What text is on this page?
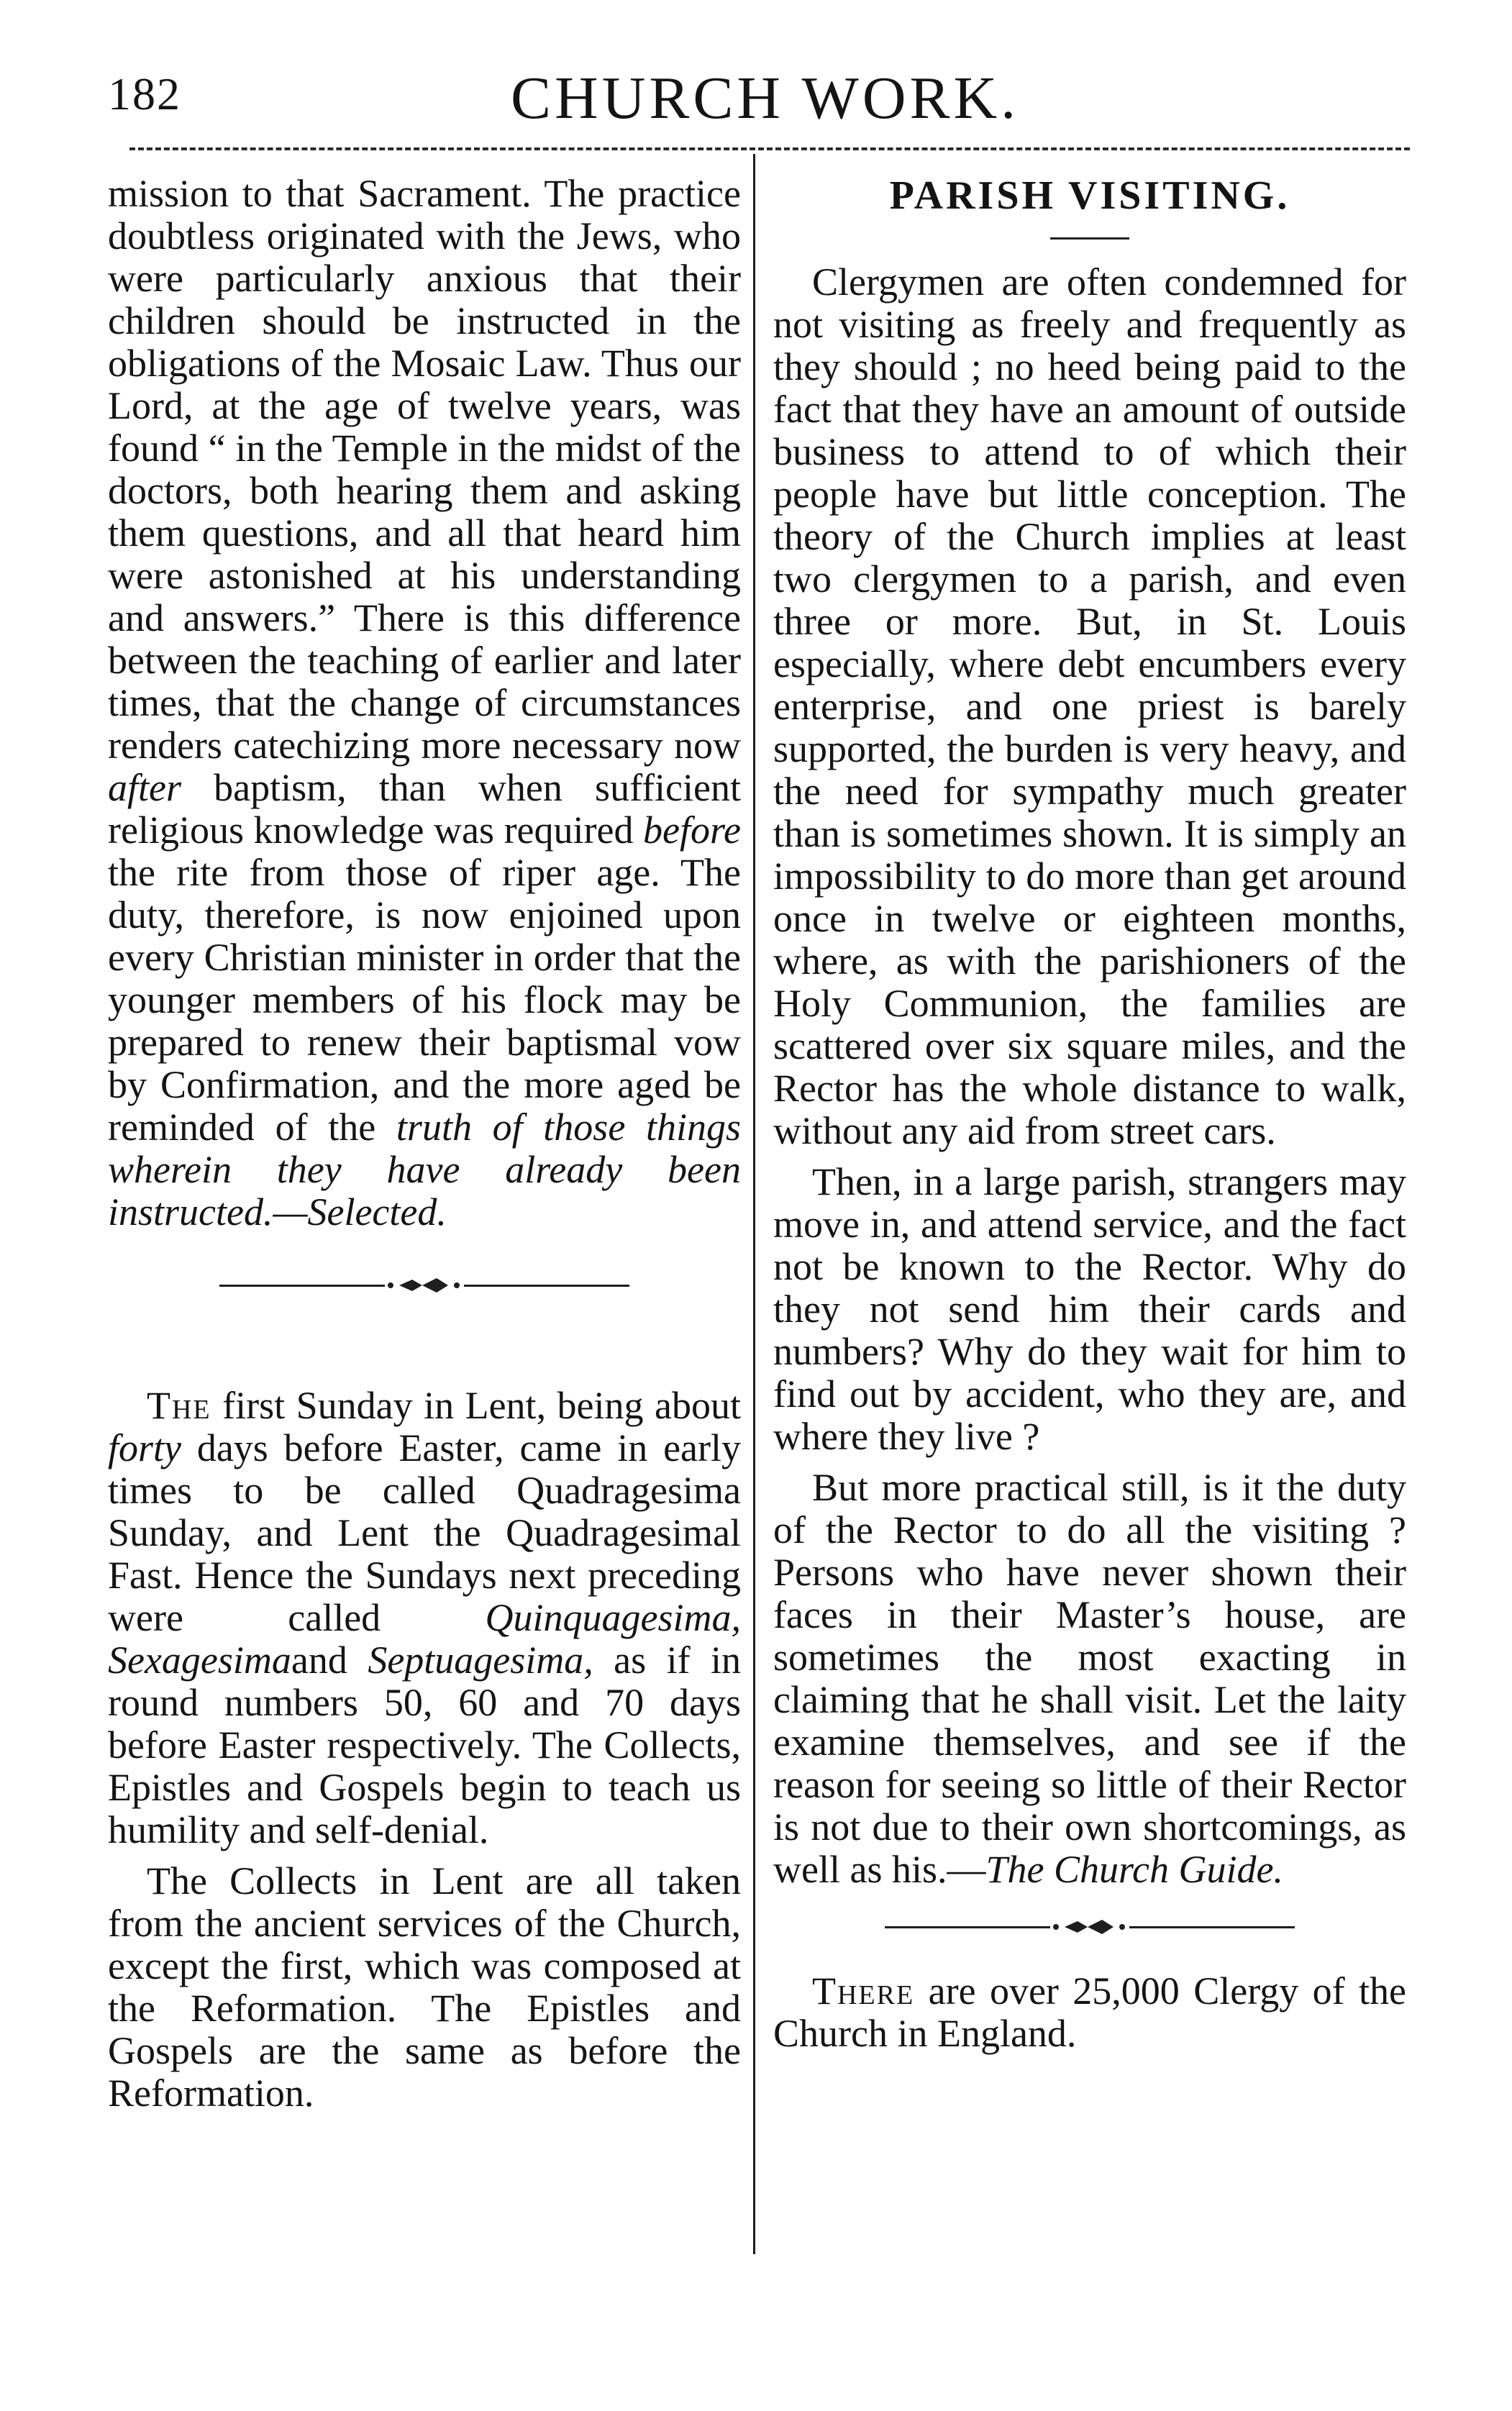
182	CHURCH WORK.

mission to that Sacrament. The practice doubtless originated with the Jews, who were particularly anxious that their children should be instructed in the obligations of the Mosaic Law. Thus our Lord, at the age of twelve years, was found “ in the Temple in the midst of the doctors, both hearing them and asking them questions, and all that heard him were astonished at his understanding and answers.” There is this difference between the teaching of earlier and later times, that the change of circumstances renders catechizing more necessary now after baptism, than when sufficient religious knowledge was required before the rite from those of riper age. The duty, therefore, is now enjoined upon every Christian minister in order that the younger members of his flock may be prepared to renew their baptismal vow by Confirmation, and the more aged be reminded of the truth of those things wherein they have already been instructed.—Selected.

The first Sunday in Lent, being about forty days before Easter, came in early times to be called Quadragesima Sunday, and Lent the Quadragesimal Fast. Hence the Sundays next preceding were called Quinquagesima, Sexagesimaand Septuagesima, as if in round numbers 50, 60 and 70 days before Easter respectively. The Collects, Epistles and Gospels begin to teach us humility and self-denial.

The Collects in Lent are all taken from the ancient services of the Church, except the first, which was composed at the Reformation. The Epistles and Gospels are the same as before the Reformation.

PARISH VISITING.

Clergymen are often condemned for not visiting as freely and frequently as they should ; no heed being paid to the fact that they have an amount of outside business to attend to of which their people have but little conception. The theory of the Church implies at least two clergymen to a parish, and even three or more. But, in St. Louis especially, where debt encumbers every enterprise, and one priest is barely supported, the burden is very heavy, and the need for sympathy much greater than is sometimes shown. It is simply an impossibility to do more than get around once in twelve or eighteen months, where, as with the parishioners of the Holy Communion, the families are scattered over six square miles, and the Rector has the whole distance to walk, without any aid from street cars.

Then, in a large parish, strangers may move in, and attend service, and the fact not be known to the Rector. Why do they not send him their cards and numbers? Why do they wait for him to find out by accident, who they are, and where they live ?

But more practical still, is it the duty of the Rector to do all the visiting ? Persons who have never shown their faces in their Master’s house, are sometimes the most exacting in claiming that he shall visit. Let the laity examine themselves, and see if the reason for seeing so little of their Rector is not due to their own shortcomings, as well as his.—The Church Guide.

There are over 25,000 Clergy of the Church in England.
